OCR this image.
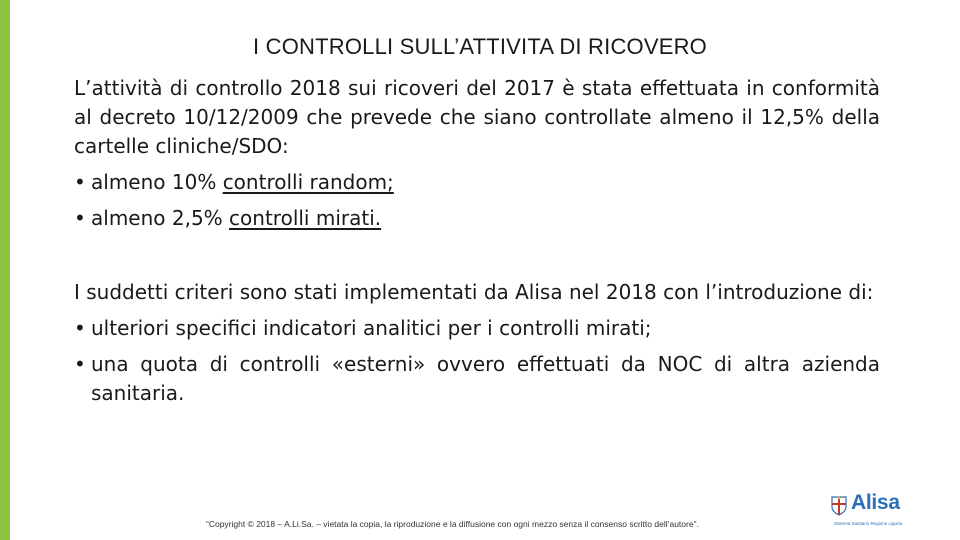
I CONTROLLI SULL’ATTIVITA DI RICOVERO

L’attività di controllo 2018 sui ricoveri del 2017 è stata effettuata in conformità al decreto 10/12/2009 che prevede che siano controllate almeno il 12,5% della cartelle cliniche/SDO:

• almeno 10% controlli random;
• almeno 2,5% controlli mirati.

I suddetti criteri sono stati implementati da Alisa nel 2018 con l’introduzione di:

• ulteriori specifici indicatori analitici per i controlli mirati;
• una quota di controlli «esterni» ovvero effettuati da NOC di altra azienda sanitaria.
“Copyright © 2018 – A.Li.Sa. – vietata la copia, la riproduzione e la diffusione con ogni mezzo senza il consenso scritto dell’autore”.
Alisa
Sistema Sanitario Regione Liguria
